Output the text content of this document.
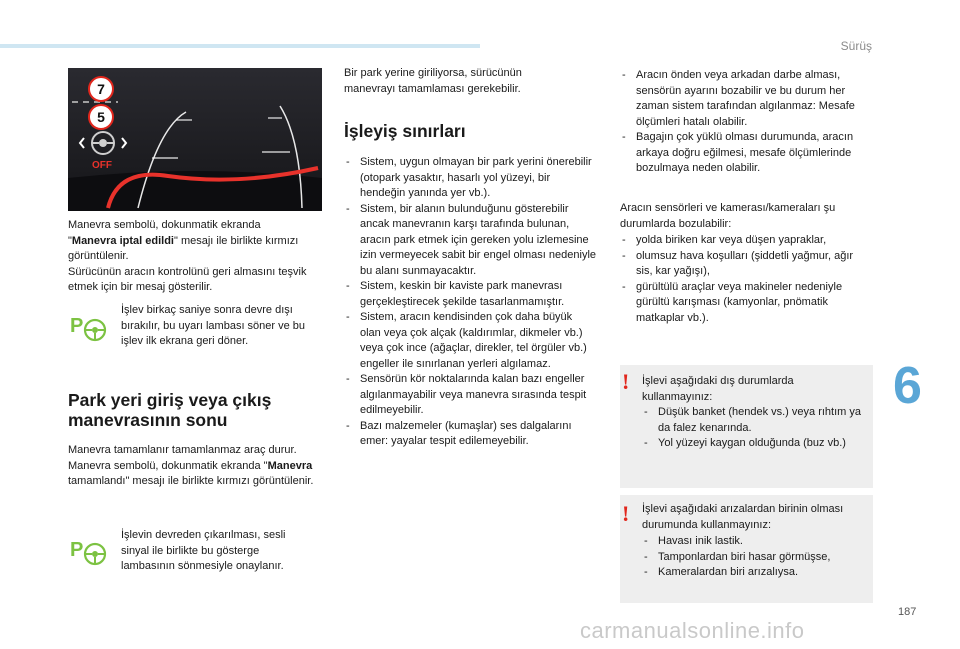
Sürüş
6
7
5
OFF
Manevra sembolü, dokunmatik ekranda
"Manevra iptal edildi" mesajı ile birlikte kırmızı görüntülenir.
Sürücünün aracın kontrolünü geri almasını teşvik etmek için bir mesaj gösterilir.
P
İşlev birkaç saniye sonra devre dışı bırakılır, bu uyarı lambası söner ve bu işlev ilk ekrana geri döner.
Park yeri giriş veya çıkış manevrasının sonu
Manevra tamamlanır tamamlanmaz araç durur. Manevra sembolü, dokunmatik ekranda "Manevra tamamlandı" mesajı ile birlikte kırmızı görüntülenir.
P
İşlevin devreden çıkarılması, sesli sinyal ile birlikte bu gösterge lambasının sönmesiyle onaylanır.
Bir park yerine giriliyorsa, sürücünün manevrayı tamamlaması gerekebilir.
İşleyiş sınırları
- Sistem, uygun olmayan bir park yerini önerebilir (otopark yasaktır, hasarlı yol yüzeyi, bir hendeğin yanında yer vb.).
- Sistem, bir alanın bulunduğunu gösterebilir ancak manevranın karşı tarafında bulunan, aracın park etmek için gereken yolu izlemesine izin vermeyecek sabit bir engel olması nedeniyle bu alanı sunmayacaktır.
- Sistem, keskin bir kaviste park manevrası gerçekleştirecek şekilde tasarlanmamıştır.
- Sistem, aracın kendisinden çok daha büyük olan veya çok alçak (kaldırımlar, dikmeler vb.) veya çok ince (ağaçlar, direkler, tel örgüler vb.) engeller ile sınırlanan yerleri algılamaz.
- Sensörün kör noktalarında kalan bazı engeller algılanmayabilir veya manevra sırasında tespit edilmeyebilir.
- Bazı malzemeler (kumaşlar) ses dalgalarını emer: yayalar tespit edilemeyebilir.
- Aracın önden veya arkadan darbe alması, sensörün ayarını bozabilir ve bu durum her zaman sistem tarafından algılanmaz: Mesafe ölçümleri hatalı olabilir.
- Bagajın çok yüklü olması durumunda, aracın arkaya doğru eğilmesi, mesafe ölçümlerinde bozulmaya neden olabilir.
Aracın sensörleri ve kamerası/kameraları şu durumlarda bozulabilir:
- yolda biriken kar veya düşen yapraklar,
- olumsuz hava koşulları (şiddetli yağmur, ağır sis, kar yağışı),
- gürültülü araçlar veya makineler nedeniyle gürültü karışması (kamyonlar, pnömatik matkaplar vb.).
! İşlevi aşağıdaki dış durumlarda kullanmayınız:
- Düşük banket (hendek vs.) veya rıhtım ya da falez kenarında.
- Yol yüzeyi kaygan olduğunda (buz vb.)
! İşlevi aşağıdaki arızalardan birinin olması durumunda kullanmayınız:
- Havası inik lastik.
- Tamponlardan biri hasar görmüşse,
- Kameralardan biri arızalıysa.
187
carmanualsonline.info
